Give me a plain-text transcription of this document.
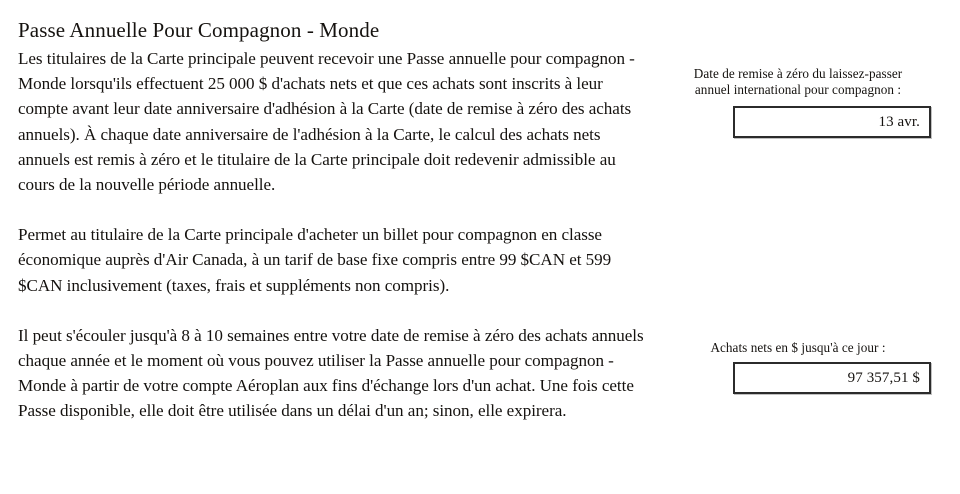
Passe Annuelle Pour Compagnon - Monde

Les titulaires de la Carte principale peuvent recevoir une Passe annuelle pour compagnon - Monde lorsqu'ils effectuent 25 000 $ d'achats nets et que ces achats sont inscrits à leur compte avant leur date anniversaire d'adhésion à la Carte (date de remise à zéro des achats annuels). À chaque date anniversaire de l'adhésion à la Carte, le calcul des achats nets annuels est remis à zéro et le titulaire de la Carte principale doit redevenir admissible au cours de la nouvelle période annuelle.

Permet au titulaire de la Carte principale d'acheter un billet pour compagnon en classe économique auprès d'Air Canada, à un tarif de base fixe compris entre 99 $CAN et 599 $CAN inclusivement (taxes, frais et suppléments non compris).

Il peut s'écouler jusqu'à 8 à 10 semaines entre votre date de remise à zéro des achats annuels chaque année et le moment où vous pouvez utiliser la Passe annuelle pour compagnon - Monde à partir de votre compte Aéroplan aux fins d'échange lors d'un achat. Une fois cette Passe disponible, elle doit être utilisée dans un délai d'un an; sinon, elle expirera.

Date de remise à zéro du laissez-passer
annuel international pour compagnon :
13 avr.
Achats nets en $ jusqu'à ce jour :
97 357,51 $
